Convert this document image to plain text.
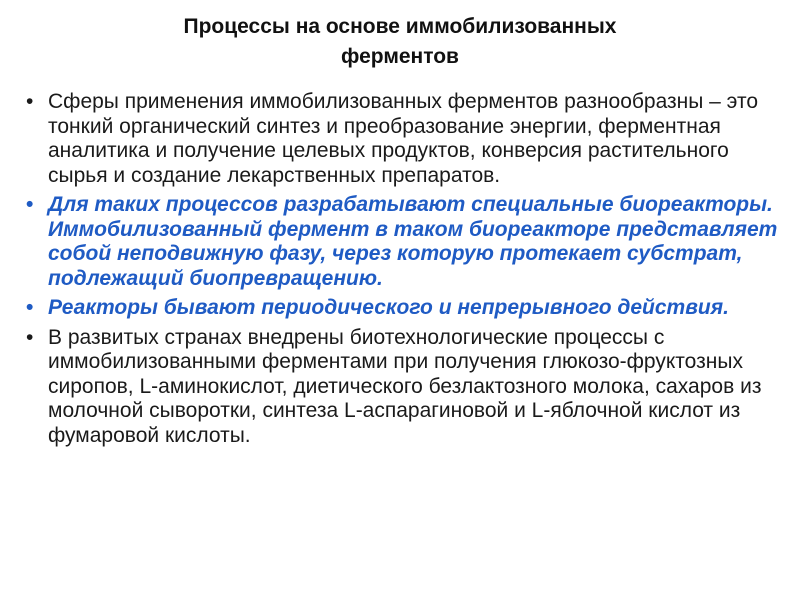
Процессы на основе иммобилизованных
ферментов
• Сферы применения иммобилизованных ферментов разнообразны – это тонкий органический синтез и преобразование энергии, ферментная аналитика и получение целевых продуктов, конверсия растительного сырья и создание лекарственных препаратов.
• Для таких процессов разрабатывают специальные биореакторы. Иммобилизованный фермент в таком биореакторе представляет собой неподвижную фазу, через которую протекает субстрат, подлежащий биопревращению.
• Реакторы бывают периодического и непрерывного действия.
• В развитых странах внедрены биотехнологические процессы с иммобилизованными ферментами при получения глюкозо-фруктозных сиропов, L-аминокислот, диетического безлактозного молока, сахаров из молочной сыворотки, синтеза L-аспарагиновой и L-яблочной кислот из фумаровой кислоты.
